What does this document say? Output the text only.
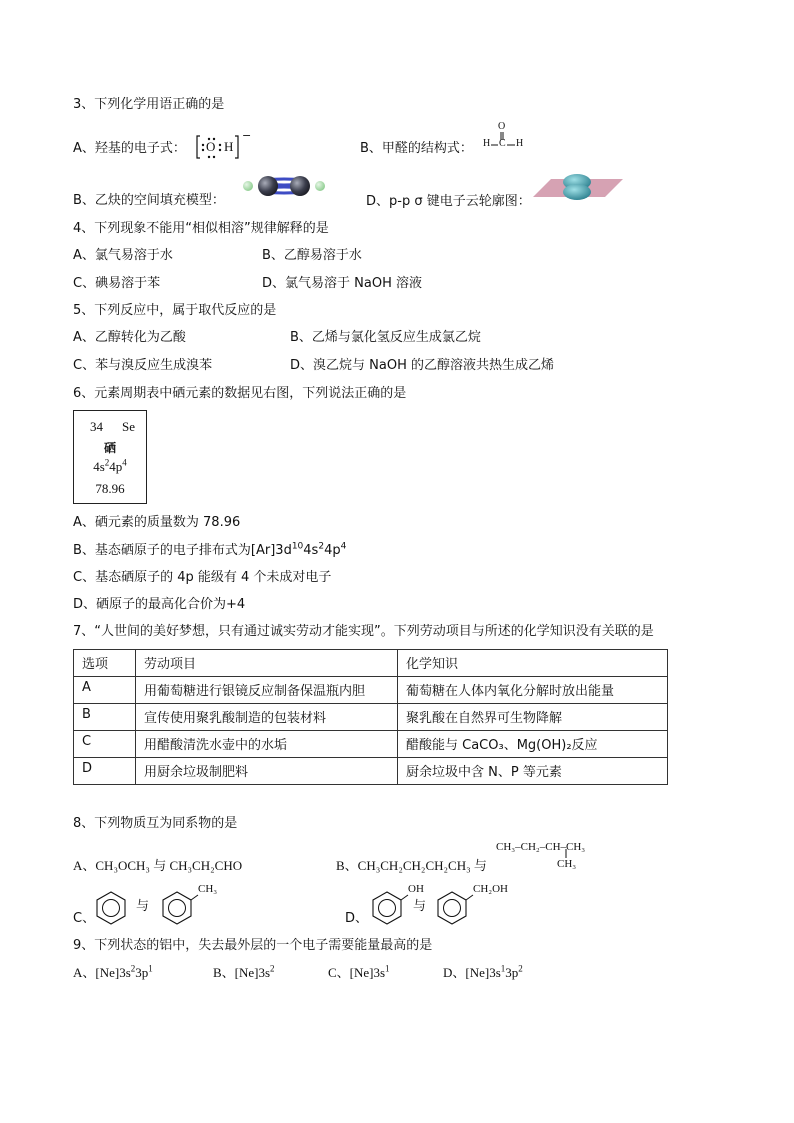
3、下列化学用语正确的是
A、羟基的电子式： O H
−
B、甲醛的结构式：
O
H C H
B、乙炔的空间填充模型：	D、p-p σ 键电子云轮廓图：
4、下列现象不能用“相似相溶”规律解释的是
A、氯气易溶于水	B、乙醇易溶于水
C、碘易溶于苯	D、氯气易溶于 NaOH 溶液
5、下列反应中，属于取代反应的是
A、乙醇转化为乙酸	B、乙烯与氯化氢反应生成氯乙烷
C、苯与溴反应生成溴苯	D、溴乙烷与 NaOH 的乙醇溶液共热生成乙烯
6、元素周期表中硒元素的数据见右图，下列说法正确的是
34 Se
硒
$4s^24p^4$
78.96
A、硒元素的质量数为 78.96
B、基态硒原子的电子排布式为$[Ar]3d^{10}4s^24p^4$
C、基态硒原子的 4p 能级有 4 个未成对电子
D、硒原子的最高化合价为+4
7、“人世间的美好梦想，只有通过诚实劳动才能实现”。下列劳动项目与所述的化学知识没有关联的是
选项	劳动项目	化学知识
A	用葡萄糖进行银镜反应制备保温瓶内胆	葡萄糖在人体内氧化分解时放出能量
B	宣传使用聚乳酸制造的包装材料	聚乳酸在自然界可生物降解
C	用醋酸清洗水壶中的水垢	醋酸能与 CaCO₃、Mg(OH)₂反应
D	用厨余垃圾制肥料	厨余垃圾中含 N、P 等元素
8、下列物质互为同系物的是
A、CH₃OCH₃ 与 CH₃CH₂CHO	B、CH₃CH₂CH₂CH₂CH₃ 与
CH₃–CH₂–CH–CH₃
CH₃
C、
与
CH₃
D、
OH
与
CH₂OH
9、下列状态的铝中，失去最外层的一个电子需要能量最高的是
A、$[Ne]3s^23p^1$	B、$[Ne]3s^2$	C、$[Ne]3s^1$	D、$[Ne]3s^13p^2$
